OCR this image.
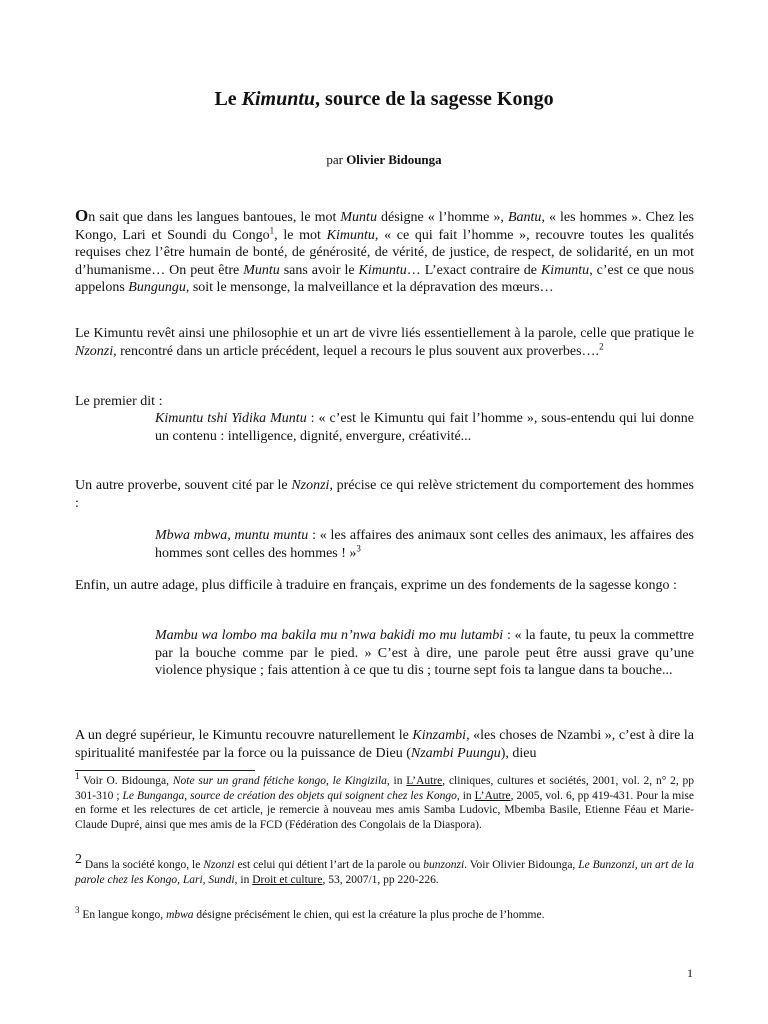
Le Kimuntu, source de la sagesse Kongo
par Olivier Bidounga
On sait que dans les langues bantoues, le mot Muntu désigne « l’homme », Bantu, « les hommes ». Chez les Kongo, Lari et Soundi du Congo$^1$, le mot Kimuntu, « ce qui fait l’homme », recouvre toutes les qualités requises chez l’être humain de bonté, de générosité, de vérité, de justice, de respect, de solidarité, en un mot d’humanisme… On peut être Muntu sans avoir le Kimuntu… L’exact contraire de Kimuntu, c’est ce que nous appelons Bungungu, soit le mensonge, la malveillance et la dépravation des mœurs…
Le Kimuntu revêt ainsi une philosophie et un art de vivre liés essentiellement à la parole, celle que pratique le Nzonzi, rencontré dans un article précédent, lequel a recours le plus souvent aux proverbes….$^2$
Le premier dit :
Kimuntu tshi Yidika Muntu : « c’est le Kimuntu qui fait l’homme », sous-entendu qui lui donne un contenu : intelligence, dignité, envergure, créativité...
Un autre proverbe, souvent cité par le Nzonzi, précise ce qui relève strictement du comportement des hommes :
Mbwa mbwa, muntu muntu : « les affaires des animaux sont celles des animaux, les affaires des hommes sont celles des hommes ! »$^3$
Enfin, un autre adage, plus difficile à traduire en français, exprime un des fondements de la sagesse kongo :
Mambu wa lombo ma bakila mu n’nwa bakidi mo mu lutambi : « la faute, tu peux la commettre par la bouche comme par le pied. » C’est à dire, une parole peut être aussi grave qu’une violence physique ; fais attention à ce que tu dis ; tourne sept fois ta langue dans ta bouche...
A un degré supérieur, le Kimuntu recouvre naturellement le Kinzambi, «les choses de Nzambi », c’est à dire la spiritualité manifestée par la force ou la puissance de Dieu (Nzambi Puungu), dieu
$^1$ Voir O. Bidounga, Note sur un grand fétiche kongo, le Kingizila, in L’Autre, cliniques, cultures et sociétés, 2001, vol. 2, n° 2, pp 301-310 ; Le Bunganga, source de création des objets qui soignent chez les Kongo, in L’Autre, 2005, vol. 6, pp 419-431. Pour la mise en forme et les relectures de cet article, je remercie à nouveau mes amis Samba Ludovic, Mbemba Basile, Etienne Féau et Marie-Claude Dupré, ainsi que mes amis de la FCD (Fédération des Congolais de la Diaspora).
$^2$ Dans la société kongo, le Nzonzi est celui qui détient l’art de la parole ou bunzonzi. Voir Olivier Bidounga, Le Bunzonzi, un art de la parole chez les Kongo, Lari, Sundi, in Droit et culture, 53, 2007/1, pp 220-226.
$^3$ En langue kongo, mbwa désigne précisément le chien, qui est la créature la plus proche de l’homme.
1
